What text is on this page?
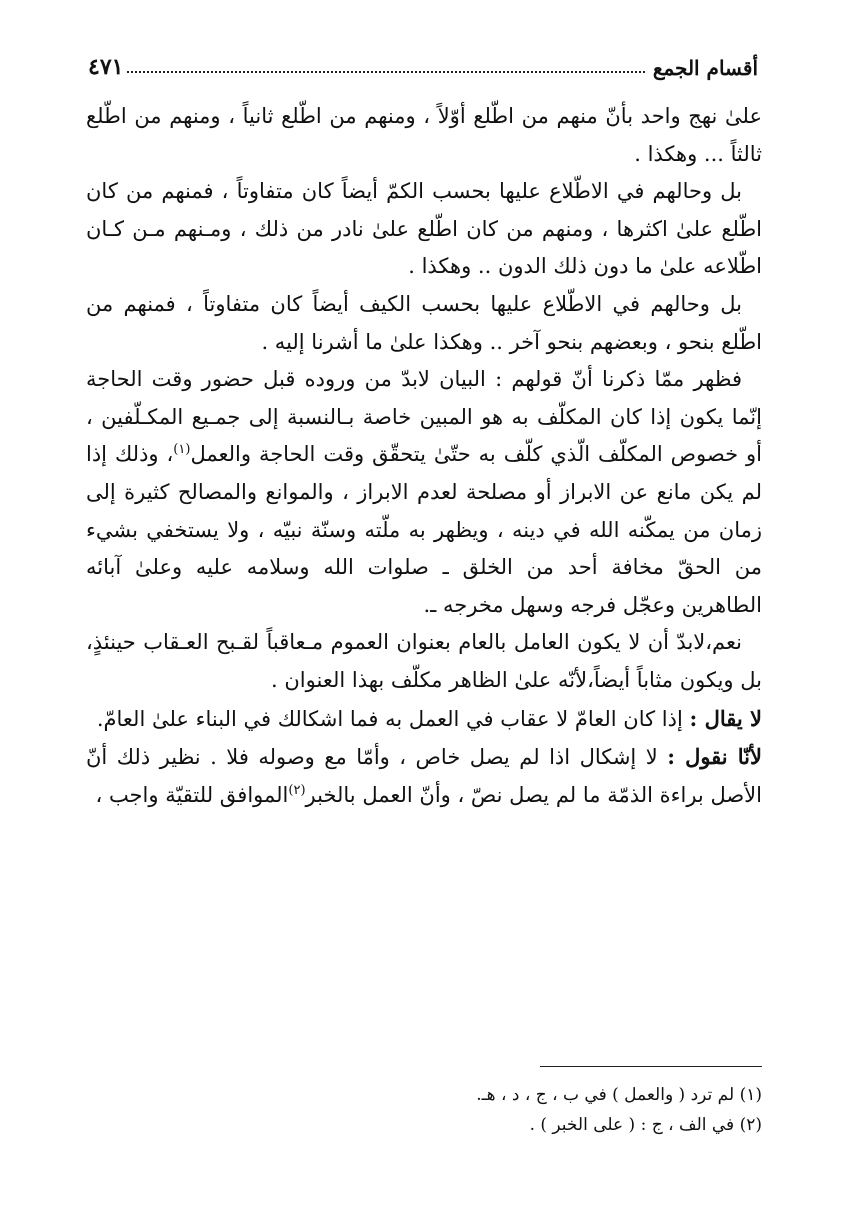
أقسام الجمع
٤٧١

علىٰ نهج واحد بأنّ منهم من اطّلع أوّلاً ، ومنهم من اطّلع ثانياً ، ومنهم من اطّلع ثالثاً ... وهكذا .

بل وحالهم في الاطّلاع عليها بحسب الكمّ أيضاً كان متفاوتاً ، فمنهم من كان اطّلع علىٰ اكثرها ، ومنهم من كان اطّلع علىٰ نادر من ذلك ، ومـنهم مـن كـان اطّلاعه علىٰ ما دون ذلك الدون .. وهكذا .

بل وحالهم في الاطّلاع عليها بحسب الكيف أيضاً كان متفاوتاً ، فمنهم من اطّلع بنحو ، وبعضهم بنحو آخر .. وهكذا علىٰ ما أشرنا إليه .

فظهر ممّا ذكرنا أنّ قولهم : البيان لابدّ من وروده قبل حضور وقت الحاجة إنّما يكون إذا كان المكلّف به هو المبين خاصة بـالنسبة إلى جمـيع المكـلّفين ، أو خصوص المكلّف الّذي كلّف به حتّىٰ يتحقّق وقت الحاجة والعمل$^{(١)}$، وذلك إذا لم يكن مانع عن الابراز أو مصلحة لعدم الابراز ، والموانع والمصالح كثيرة إلى زمان من يمكّنه الله في دينه ، ويظهر به ملّته وسنّة نبيّه ، ولا يستخفي بشيء من الحقّ مخافة أحد من الخلق ـ صلوات الله وسلامه عليه وعلىٰ آبائه الطاهرين وعجّل فرجه وسهل مخرجه ـ.

نعم،لابدّ أن لا يكون العامل بالعام بعنوان العموم مـعاقباً لقـبح العـقاب حينئذٍ، بل ويكون مثاباً أيضاً،لأنّه علىٰ الظاهر مكلّف بهذا العنوان .

لا يقال : إذا كان العامّ لا عقاب في العمل به فما اشكالك في البناء علىٰ العامّ.

لأنّا نقول : لا إشكال اذا لم يصل خاص ، وأمّا مع وصوله فلا . نظير ذلك أنّ الأصل براءة الذمّة ما لم يصل نصّ ، وأنّ العمل بالخبر$^{(٢)}$الموافق للتقيّة واجب ،

(١) لم ترد ( والعمل ) في ب ، ج ، د ، هـ.
(٢) في الف ، ج : ( على الخبر ) .
